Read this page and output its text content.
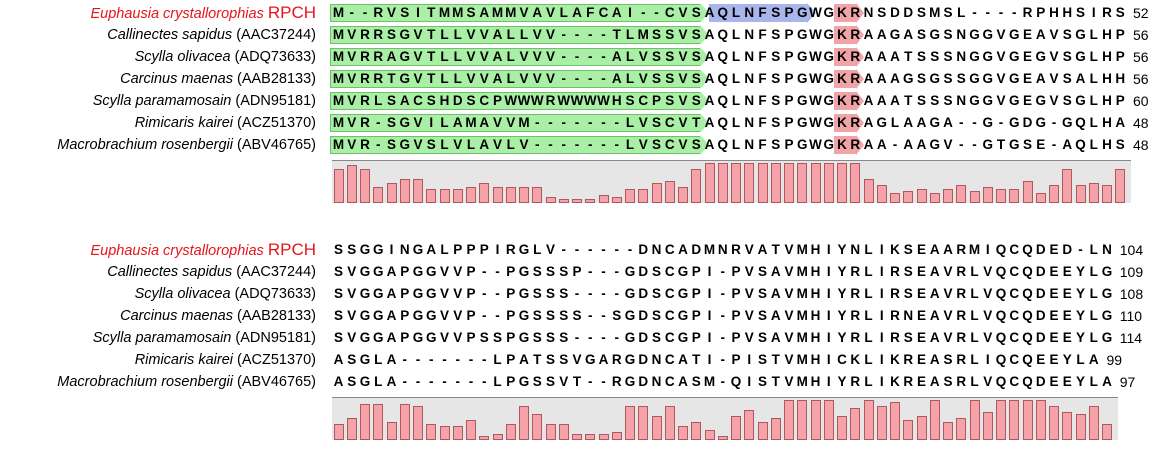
Euphausia crystallorophias RPCH M - - R V S I T M M S A M M V A V L A F C A I - - C V S A Q L N F S P G W G K R N S D D S M S L - - - - R P H H S I R S 52
Callinectes sapidus (AAC37244) M V R R S G V T L L V V A L L V V - - - - T L M S S V S A Q L N F S P G W G K R A A G A S G S N G G V G E A V S G L H P 56
Scylla olivacea (ADQ73633) M V R R A G V T L L V V A L V V V - - - - A L V S S V S A Q L N F S P G W G K R A A A T S S S N G G V G E G V S G L H P 56
Carcinus maenas (AAB28133) M V R R T G V T L L V V A L V V V - - - - A L V S S V S A Q L N F S P G W G K R A A A G S G S S G G V G E A V S A L H H 56
Scylla paramamosain (ADN95181) M V R L S A C S H D S C P W W W R W W W W H S C P S V S A Q L N F S P G W G K R A A A T S S S N G G V G E G V S G L H P 60
Rimicaris kairei (ACZ51370) M V R - S G V I L A M A V V M - - - - - - - L V S C V T A Q L N F S P G W G K R A G L A A G A - - G - G D G - G Q L H A 48
Macrobrachium rosenbergii (ABV46765) M V R - S G V S L V L A V L V - - - - - - - L V S C V S A Q L N F S P G W G K R A A - A A G V - - G T G S E - A Q L H S 48
Euphausia crystallorophias RPCH S S G G I N G A L P P P I R G L V - - - - - - D N C A D M N R V A T V M H I Y N L I K S E A A R M I Q C Q D E D - L N 104
Callinectes sapidus (AAC37244) S V G G A P G G V V P - - P G S S S P - - - G D S C G P I - P V S A V M H I Y R L I R S E A V R L V Q C Q D E E Y L G 109
Scylla olivacea (ADQ73633) S V G G A P G G V V P - - P G S S S - - - - G D S C G P I - P V S A V M H I Y R L I R S E A V R L V Q C Q D E E Y L G 108
Carcinus maenas (AAB28133) S V G G A P G G V V P - - P G S S S S - - S G D S C G P I - P V S A V M H I Y R L I R N E A V R L V Q C Q D E E Y L G 110
Scylla paramamosain (ADN95181) S V G G A P G G V V P S S P G S S S - - - - G D S C G P I - P V S A V M H I Y R L I R S E A V R L V Q C Q D E E Y L G 114
Rimicaris kairei (ACZ51370) A S G L A - - - - - - - L P A T S S V G A R G D N C A T I - P I S T V M H I C K L I K R E A S R L I Q C Q E E Y L A 99
Macrobrachium rosenbergii (ABV46765) A S G L A - - - - - - - L P G S S V T - - R G D N C A S M - Q I S T V M H I Y R L I K R E A S R L V Q C Q D E E Y L A 97
